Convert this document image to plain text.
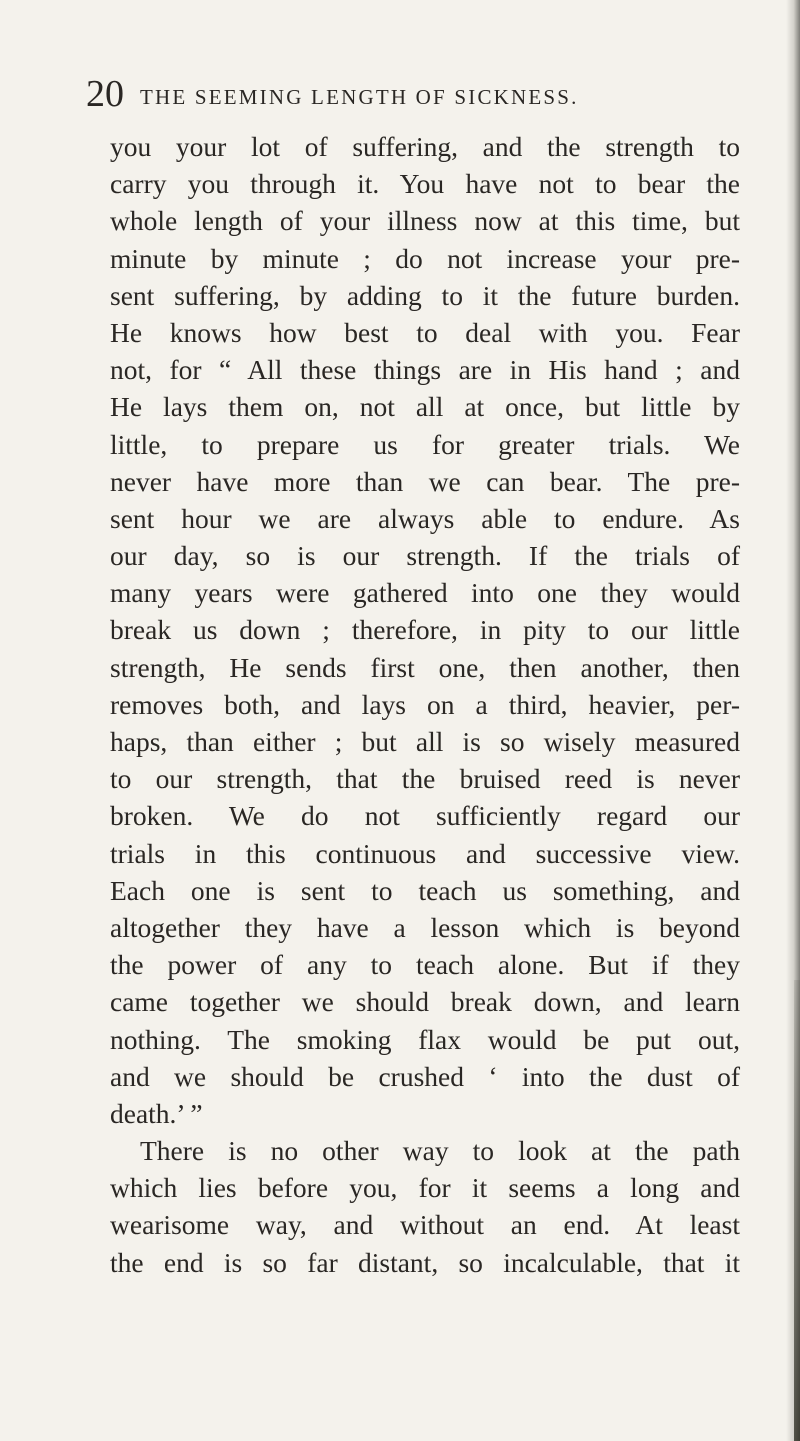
20 THE SEEMING LENGTH OF SICKNESS.
you your lot of suffering, and the strength to
carry you through it. You have not to bear the
whole length of your illness now at this time, but
minute by minute ; do not increase your pre-
sent suffering, by adding to it the future burden.
He knows how best to deal with you. Fear
not, for “ All these things are in His hand ; and
He lays them on, not all at once, but little by
little, to prepare us for greater trials. We
never have more than we can bear. The pre-
sent hour we are always able to endure. As
our day, so is our strength. If the trials of
many years were gathered into one they would
break us down ; therefore, in pity to our little
strength, He sends first one, then another, then
removes both, and lays on a third, heavier, per-
haps, than either ; but all is so wisely measured
to our strength, that the bruised reed is never
broken. We do not sufficiently regard our
trials in this continuous and successive view.
Each one is sent to teach us something, and
altogether they have a lesson which is beyond
the power of any to teach alone. But if they
came together we should break down, and learn
nothing. The smoking flax would be put out,
and we should be crushed ‘ into the dust of
death.’ ”
There is no other way to look at the path
which lies before you, for it seems a long and
wearisome way, and without an end. At least
the end is so far distant, so incalculable, that it
